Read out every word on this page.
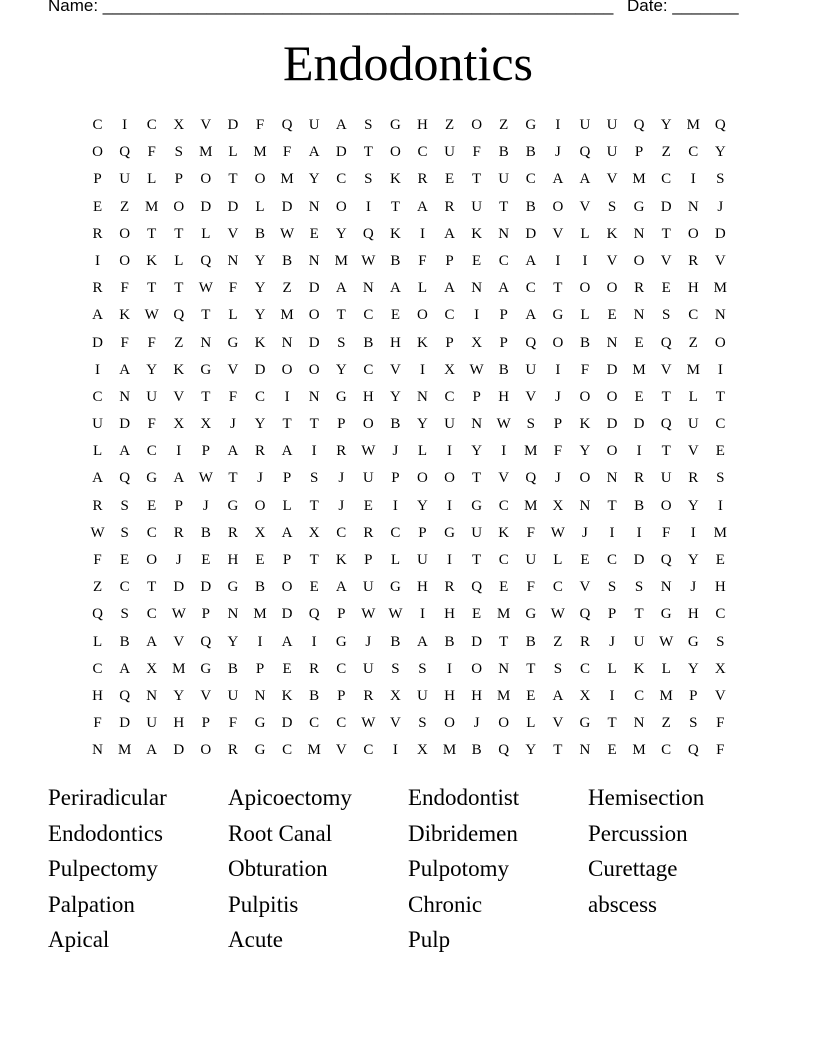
Name: ______________________________________________________ Date: _______
Endodontics
C	I	C	X	V	D	F	Q	U	A	S	G	H	Z	O	Z	G	I	U	U	Q	Y M Q
O	Q	F	S	M	L	M	F	A	D	T	O	C	U	F	B	B	J	Q	U	P	Z	C	Y
P	U	L	P	O	T	O M Y	C	S	K	R	E	T	U	C	A	A	V M	C	I	S
E	Z	M O	D	D	L	D	N	O	I	T	A	R	U	T	B	O	V	S	G	D	N	J
R	O	T	T	L	V	B W	E	Y	Q	K	I	A	K	N	D	V	L	K	N	T	O	D
I	O	K	L	Q	N	Y	B	N M W B	F	P	E	C	A	I	I	V	O	V	R	V
R	F	T	T	W	F	Y	Z	D	A	N	A	L	A	N	A	C	T	O	O	R	E	H M
A	K W Q	T	L	Y M O	T	C	E	O	C	I	P	A	G	L	E	N	S	C	N
D	F	F	Z	N	G	K	N	D	S	B	H	K	P	X	P	Q	O	B	N	E	Q	Z	O
I	A	Y	K	G	V	D	O	O	Y	C	V	I	X W B	U	I	F	D M V M	I
C	N	U	V	T	F	C	I	N	G	H	Y	N	C	P	H	V	J	O	O	E	T	L	T
U	D	F	X	X	J	Y	T	T	P	O	B	Y	U	N W	S	P	K	D	D	Q	U	C
L	A	C	I	P	A	R	A	I	R W	J	L	I	Y	I	M	F	Y	O	I	T	V	E
A	Q	G	A W	T	J	P	S	J	U	P	O	O	T	V	Q	J	O	N	R	U	R	S
R	S	E	P	J	G	O	L	T	J	E	I	Y	I	G	C	M X	N	T	B	O	Y	I
W	S	C	R	B	R	X	A	X	C	R	C	P	G	U	K	F	W	J	I	I	F	I	M
F	E	O	J	E	H	E	P	T	K	P	L	U	I	T	C	U	L	E	C	D	Q	Y	E
Z	C	T	D	D	G	B	O	E	A	U	G	H	R	Q	E	F	C	V	S	S	N	J	H
Q	S	C W	P	N M D	Q	P	W W	I	H	E	M G W Q	P	T	G	H	C
L	B	A	V	Q	Y	I	A	I	G	J	B	A	B	D	T	B	Z	R	J	U W G	S
C	A	X M G	B	P	E	R	C	U	S	S	I	O	N	T	S	C	L	K	L	Y	X
H	Q	N	Y	V	U	N	K	B	P	R	X	U	H	H M	E	A	X	I	C	M	P	V
F	D	U	H	P	F	G	D	C	C W V	S	O	J	O	L	V	G	T	N	Z	S	F
N M A	D	O	R	G	C	M V	C	I	X M	B	Q	Y	T	N	E	M	C	Q	F
Periradicular	Apicoectomy	Endodontist	Hemisection
Endodontics	Root Canal	Dibridemen	Percussion
Pulpectomy	Obturation	Pulpotomy	Curettage
Palpation	Pulpitis	Chronic	abscess
Apical	Acute	Pulp
